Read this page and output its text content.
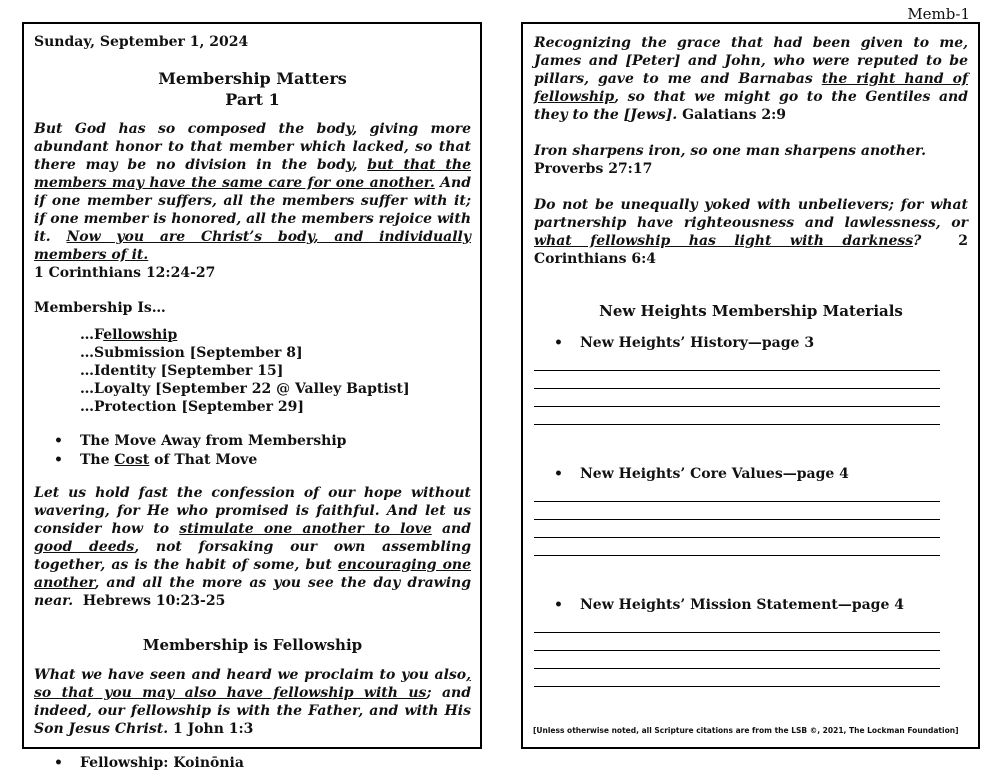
Memb-1
Sunday, September 1, 2024
Membership Matters
Part 1

But God has so composed the body, giving more abundant honor to that member which lacked, so that there may be no division in the body, but that the members may have the same care for one another. And if one member suffers, all the members suffer with it; if one member is honored, all the members rejoice with it. Now you are Christ’s body, and individually members of it.
1 Corinthians 12:24-27

Membership Is…
…Fellowship
…Submission [September 8]
…Identity [September 15]
…Loyalty [September 22 @ Valley Baptist]
…Protection [September 29]
• The Move Away from Membership
• The Cost of That Move

Let us hold fast the confession of our hope without wavering, for He who promised is faithful. And let us consider how to stimulate one another to love and good deeds, not forsaking our own assembling together, as is the habit of some, but encouraging one another, and all the more as you see the day drawing near. Hebrews 10:23-25

Membership is Fellowship

What we have seen and heard we proclaim to you also, so that you may also have fellowship with us; and indeed, our fellowship is with the Father, and with His Son Jesus Christ. 1 John 1:3

• Fellowship: Koinōnia

Recognizing the grace that had been given to me, James and [Peter] and John, who were reputed to be pillars, gave to me and Barnabas the right hand of fellowship, so that we might go to the Gentiles and they to the [Jews]. Galatians 2:9

Iron sharpens iron, so one man sharpens another.
Proverbs 27:17

Do not be unequally yoked with unbelievers; for what partnership have righteousness and lawlessness, or what fellowship has light with darkness?	2 Corinthians 6:4

New Heights Membership Materials
• New Heights’ History—page 3
• New Heights’ Core Values—page 4
• New Heights’ Mission Statement—page 4
[Unless otherwise noted, all Scripture citations are from the LSB ©, 2021, The Lockman Foundation]
